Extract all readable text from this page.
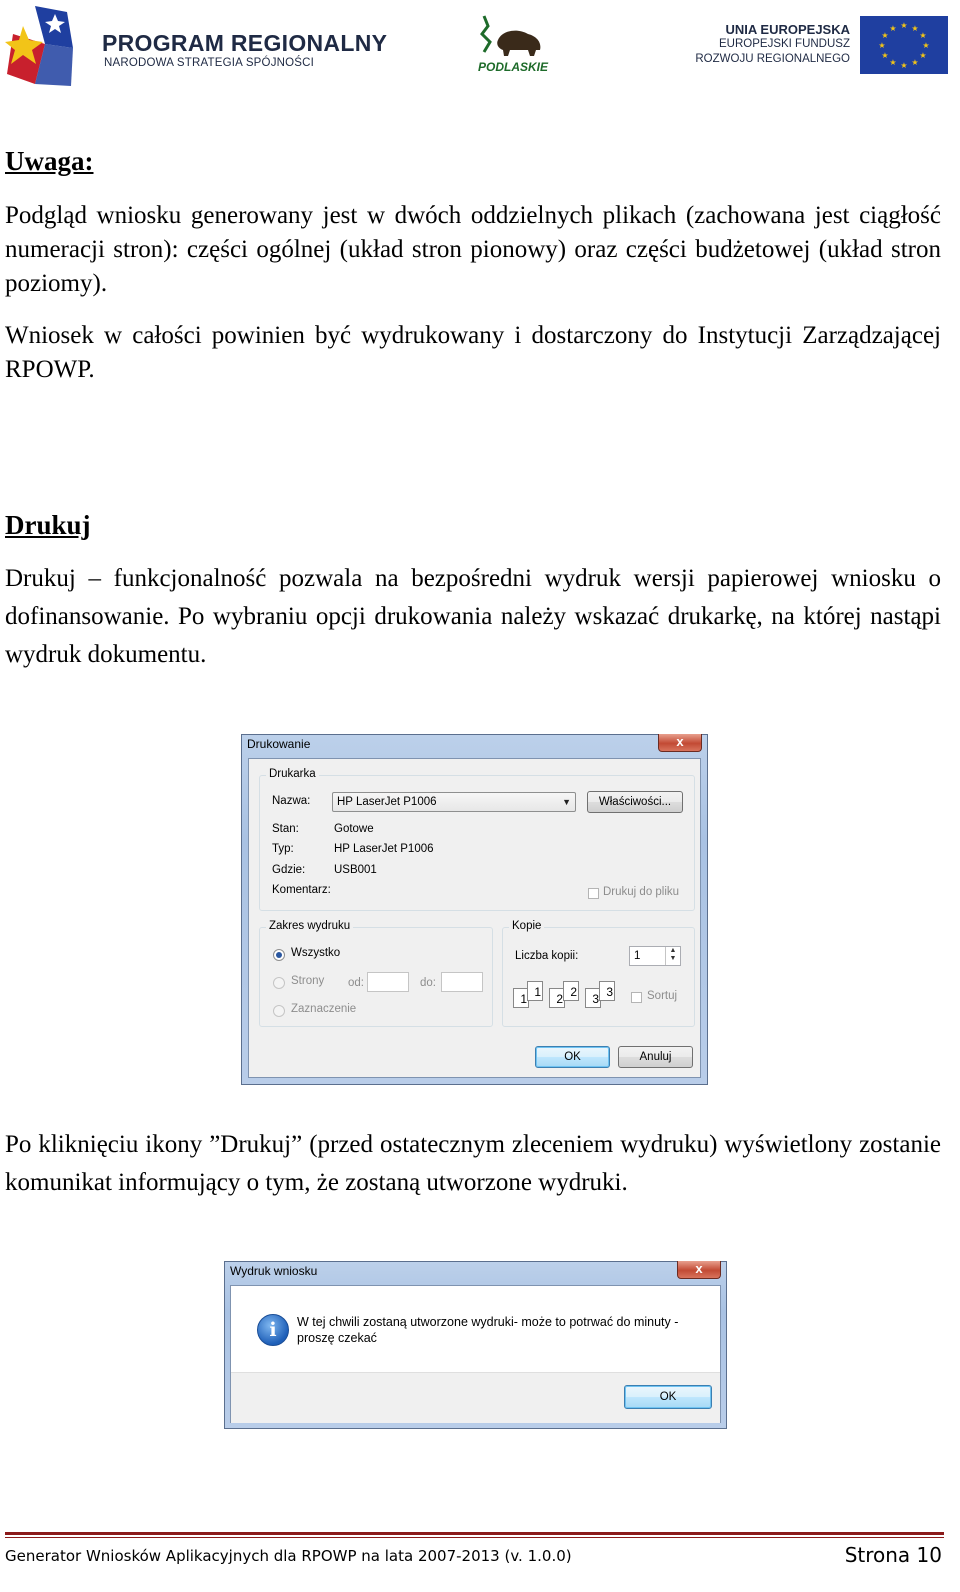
PROGRAM REGIONALNY
NARODOWA STRATEGIA SPÓJNOŚCI	PODLASKIE
UNIA EUROPEJSKA
EUROPEJSKI FUNDUSZ
ROZWOJU REGIONALNEGO
★ ★
★
★
★
★
★
★
★
★
★
★

Uwaga:

Podgląd wniosku generowany jest w dwóch oddzielnych plikach (zachowana jest ciągłość numeracji stron): części ogólnej (układ stron pionowy) oraz części budżetowej (układ stron poziomy).

Wniosek w całości powinien być wydrukowany i dostarczony do Instytucji Zarządzającej RPOWP.

Drukuj

Drukuj – funkcjonalność pozwala na bezpośredni wydruk wersji papierowej wniosku o dofinansowanie. Po wybraniu opcji drukowania należy wskazać drukarkę, na której nastąpi wydruk dokumentu.

Drukowanie	x
Drukarka
Nazwa:	HP LaserJet P1006	▼	Właściwości...
Stan:	Gotowe
Typ:	HP LaserJet P1006
Gdzie:	USB001
Komentarz:	Drukuj do pliku
Zakres wydruku
Wszystko
Strony od:	do:
Zaznaczenie
Kopie
Liczba kopii:	1	▲
▼
1 1	2 2	3 3	Sortuj
OK	Anuluj

Po kliknięciu ikony ”Drukuj” (przed ostatecznym zleceniem wydruku) wyświetlony zostanie komunikat informujący o tym, że zostaną utworzone wydruki.

Wydruk wniosku	x
i	W tej chwili zostaną utworzone wydruki- może to potrwać do minuty -
proszę czekać
OK
Generator Wniosków Aplikacyjnych dla RPOWP na lata 2007-2013 (v. 1.0.0)	Strona 10
